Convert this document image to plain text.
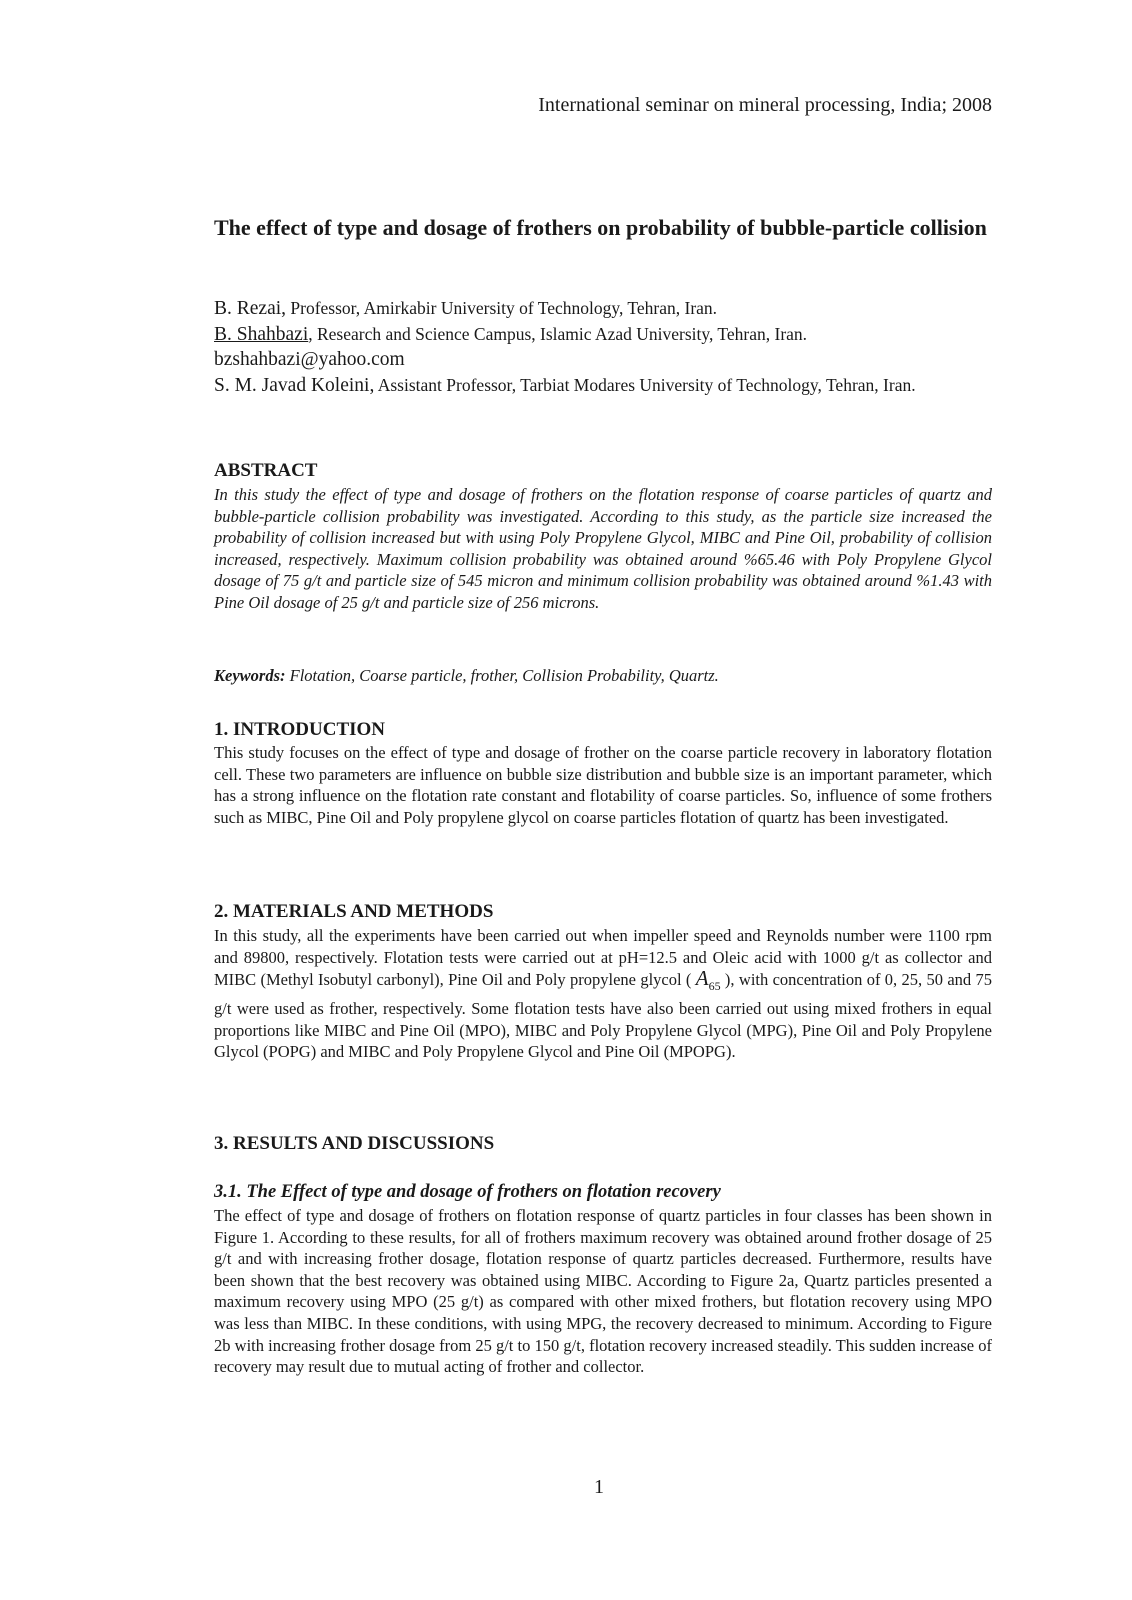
International seminar on mineral processing, India; 2008
The effect of type and dosage of frothers on probability of bubble-particle collision
B. Rezai, Professor, Amirkabir University of Technology, Tehran, Iran.
B. Shahbazi, Research and Science Campus, Islamic Azad University, Tehran, Iran.
bzshahbazi@yahoo.com
S. M. Javad Koleini, Assistant Professor, Tarbiat Modares University of Technology, Tehran, Iran.
ABSTRACT

In this study the effect of type and dosage of frothers on the flotation response of coarse particles of quartz and bubble-particle collision probability was investigated. According to this study, as the particle size increased the probability of collision increased but with using Poly Propylene Glycol, MIBC and Pine Oil, probability of collision increased, respectively. Maximum collision probability was obtained around %65.46 with Poly Propylene Glycol dosage of 75 g/t and particle size of 545 micron and minimum collision probability was obtained around %1.43 with Pine Oil dosage of 25 g/t and particle size of 256 microns.

Keywords: Flotation, Coarse particle, frother, Collision Probability, Quartz.
1. INTRODUCTION

This study focuses on the effect of type and dosage of frother on the coarse particle recovery in laboratory flotation cell. These two parameters are influence on bubble size distribution and bubble size is an important parameter, which has a strong influence on the flotation rate constant and flotability of coarse particles. So, influence of some frothers such as MIBC, Pine Oil and Poly propylene glycol on coarse particles flotation of quartz has been investigated.

2. MATERIALS AND METHODS

In this study, all the experiments have been carried out when impeller speed and Reynolds number were 1100 rpm and 89800, respectively. Flotation tests were carried out at pH=12.5 and Oleic acid with 1000 g/t as collector and MIBC (Methyl Isobutyl carbonyl), Pine Oil and Poly propylene glycol ( $A_{65}$ ), with concentration of 0, 25, 50 and 75 g/t were used as frother, respectively. Some flotation tests have also been carried out using mixed frothers in equal proportions like MIBC and Pine Oil (MPO), MIBC and Poly Propylene Glycol (MPG), Pine Oil and Poly Propylene Glycol (POPG) and MIBC and Poly Propylene Glycol and Pine Oil (MPOPG).

3. RESULTS AND DISCUSSIONS
3.1. The Effect of type and dosage of frothers on flotation recovery

The effect of type and dosage of frothers on flotation response of quartz particles in four classes has been shown in Figure 1. According to these results, for all of frothers maximum recovery was obtained around frother dosage of 25 g/t and with increasing frother dosage, flotation response of quartz particles decreased. Furthermore, results have been shown that the best recovery was obtained using MIBC. According to Figure 2a, Quartz particles presented a maximum recovery using MPO (25 g/t) as compared with other mixed frothers, but flotation recovery using MPO was less than MIBC. In these conditions, with using MPG, the recovery decreased to minimum. According to Figure 2b with increasing frother dosage from 25 g/t to 150 g/t, flotation recovery increased steadily. This sudden increase of recovery may result due to mutual acting of frother and collector.

1
